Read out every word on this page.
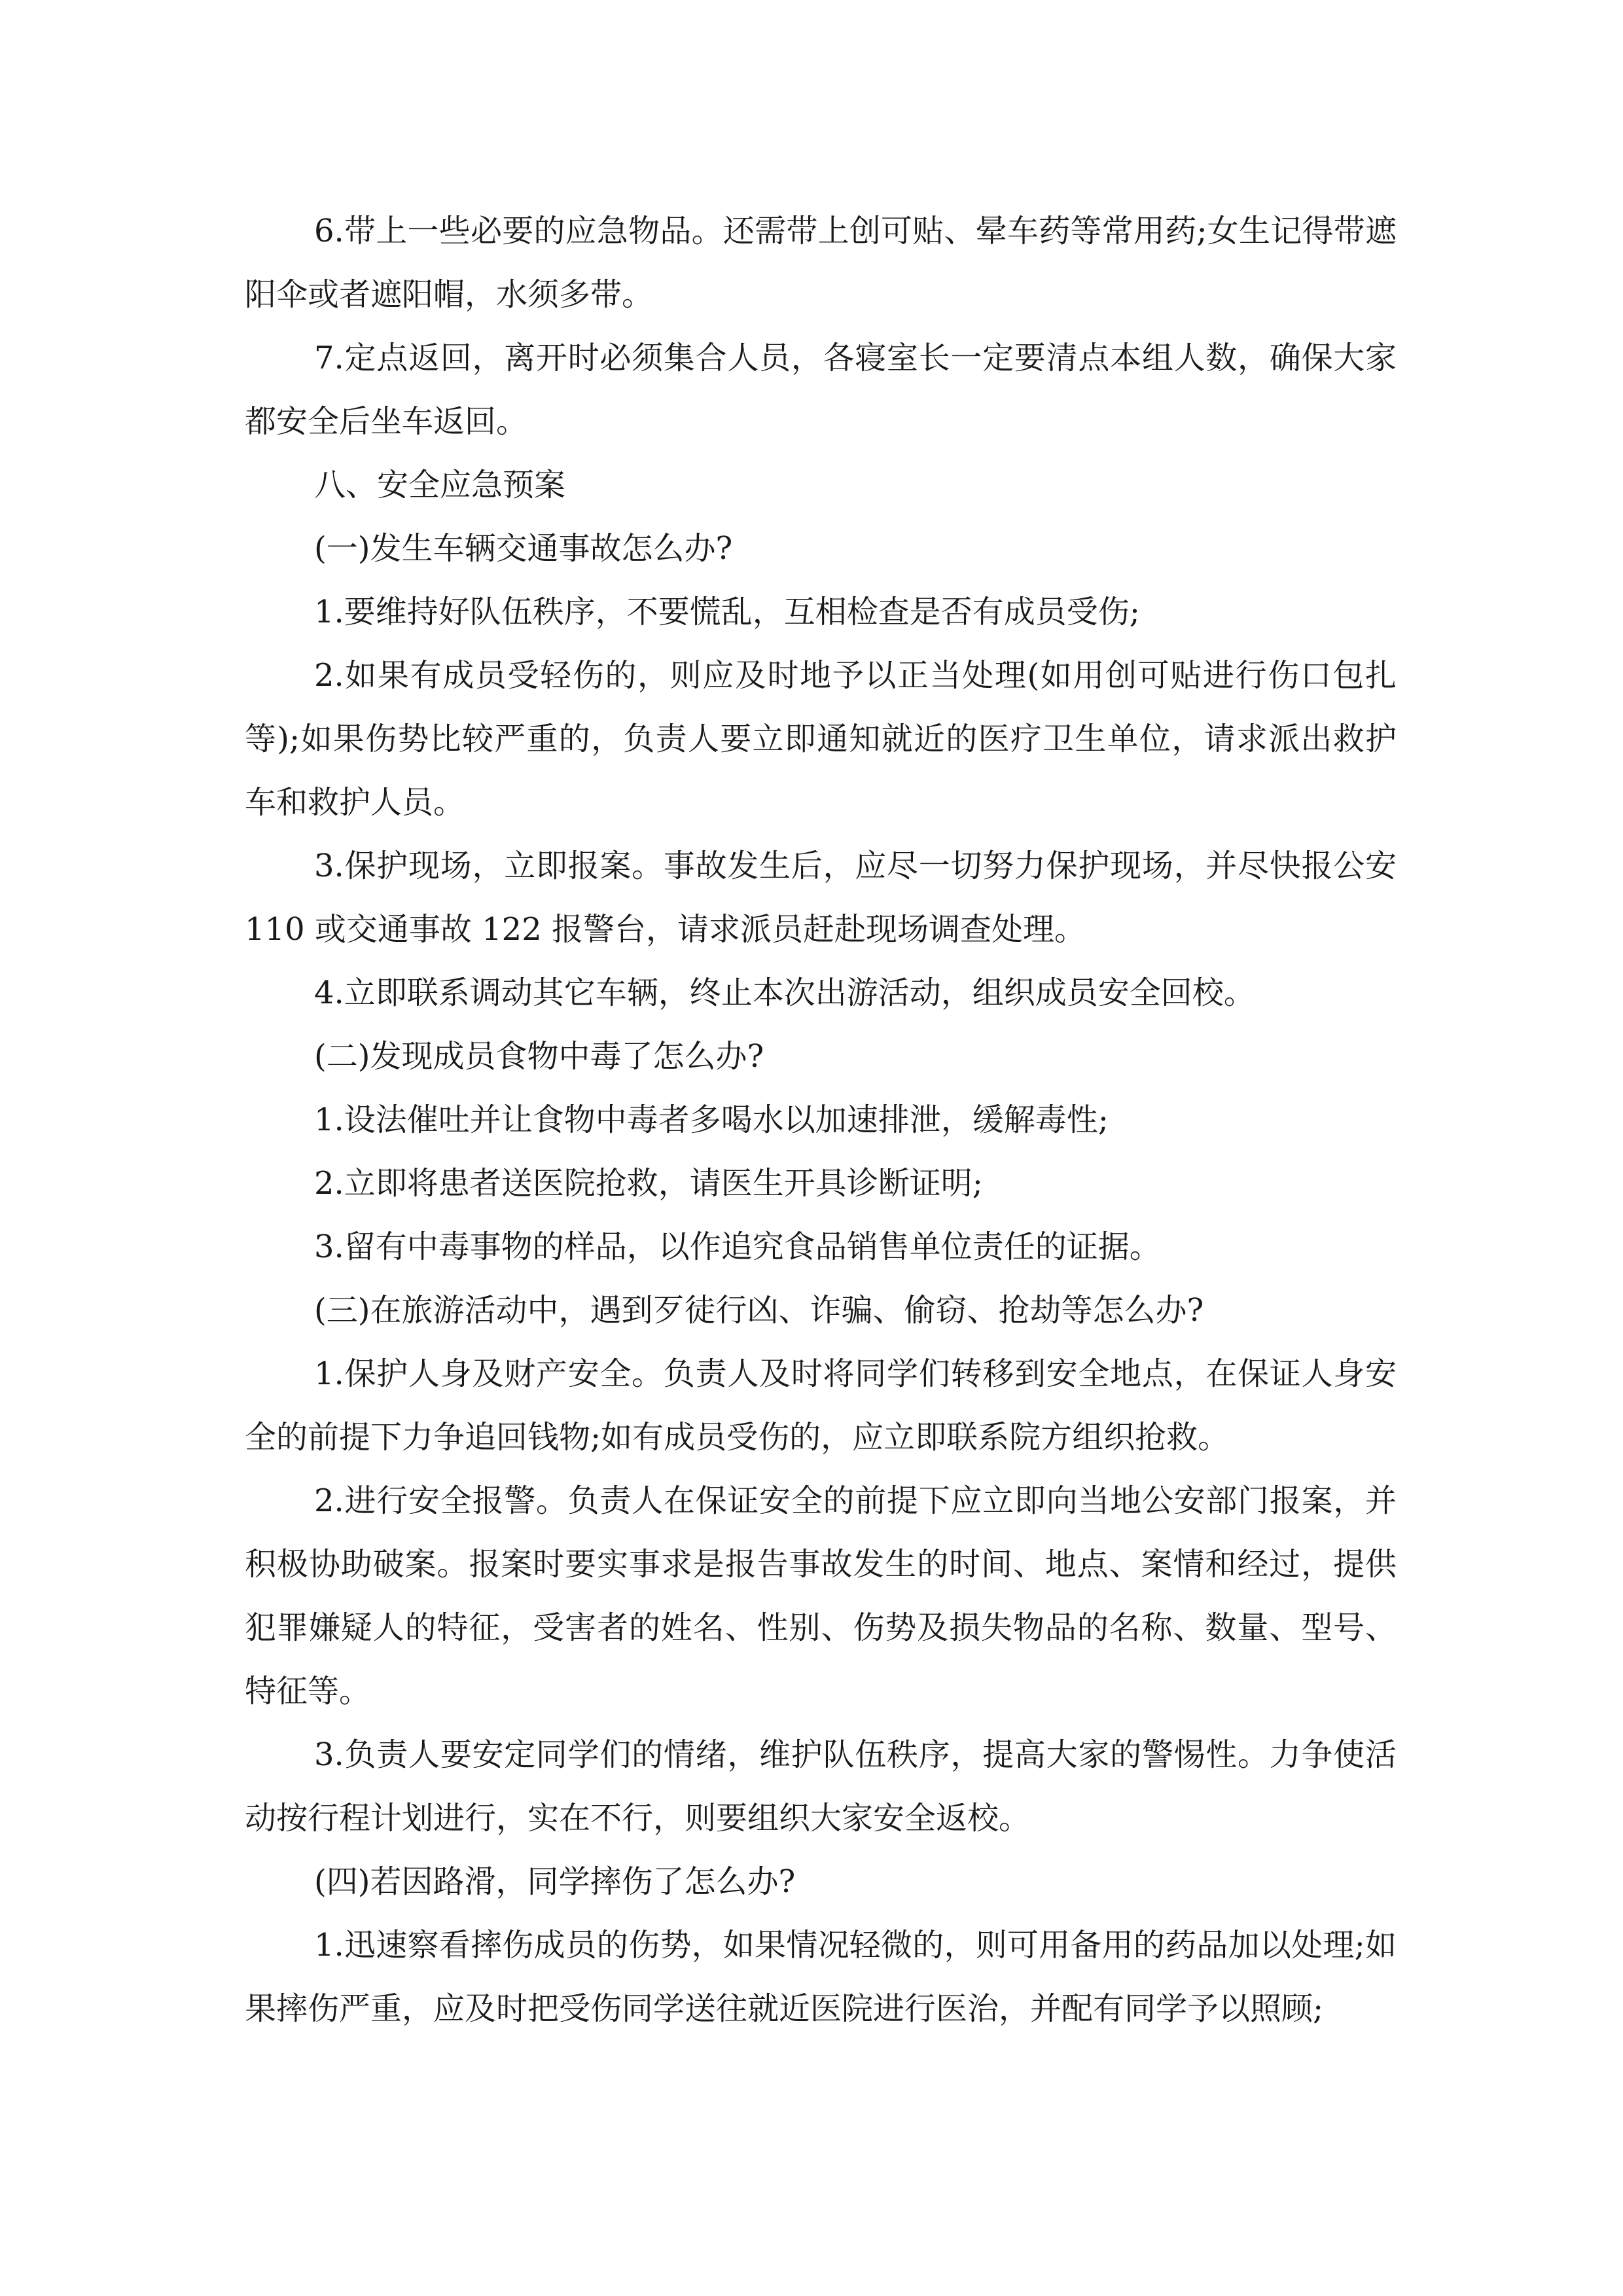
6.带上一些必要的应急物品。还需带上创可贴、晕车药等常用药;女生记得带遮阳伞或者遮阳帽，水须多带。

7.定点返回，离开时必须集合人员，各寝室长一定要清点本组人数，确保大家都安全后坐车返回。

八、安全应急预案

(一)发生车辆交通事故怎么办?

1.要维持好队伍秩序，不要慌乱，互相检查是否有成员受伤;

2.如果有成员受轻伤的，则应及时地予以正当处理(如用创可贴进行伤口包扎等);如果伤势比较严重的，负责人要立即通知就近的医疗卫生单位，请求派出救护车和救护人员。

3.保护现场，立即报案。事故发生后，应尽一切努力保护现场，并尽快报公安 110 或交通事故 122 报警台，请求派员赶赴现场调查处理。

4.立即联系调动其它车辆，终止本次出游活动，组织成员安全回校。

(二)发现成员食物中毒了怎么办?

1.设法催吐并让食物中毒者多喝水以加速排泄，缓解毒性;

2.立即将患者送医院抢救，请医生开具诊断证明;

3.留有中毒事物的样品，以作追究食品销售单位责任的证据。

(三)在旅游活动中，遇到歹徒行凶、诈骗、偷窃、抢劫等怎么办?

1.保护人身及财产安全。负责人及时将同学们转移到安全地点，在保证人身安全的前提下力争追回钱物;如有成员受伤的，应立即联系院方组织抢救。

2.进行安全报警。负责人在保证安全的前提下应立即向当地公安部门报案，并积极协助破案。报案时要实事求是报告事故发生的时间、地点、案情和经过，提供犯罪嫌疑人的特征，受害者的姓名、性别、伤势及损失物品的名称、数量、型号、特征等。

3.负责人要安定同学们的情绪，维护队伍秩序，提高大家的警惕性。力争使活动按行程计划进行，实在不行，则要组织大家安全返校。

(四)若因路滑，同学摔伤了怎么办?

1.迅速察看摔伤成员的伤势，如果情况轻微的，则可用备用的药品加以处理;如果摔伤严重，应及时把受伤同学送往就近医院进行医治，并配有同学予以照顾;
